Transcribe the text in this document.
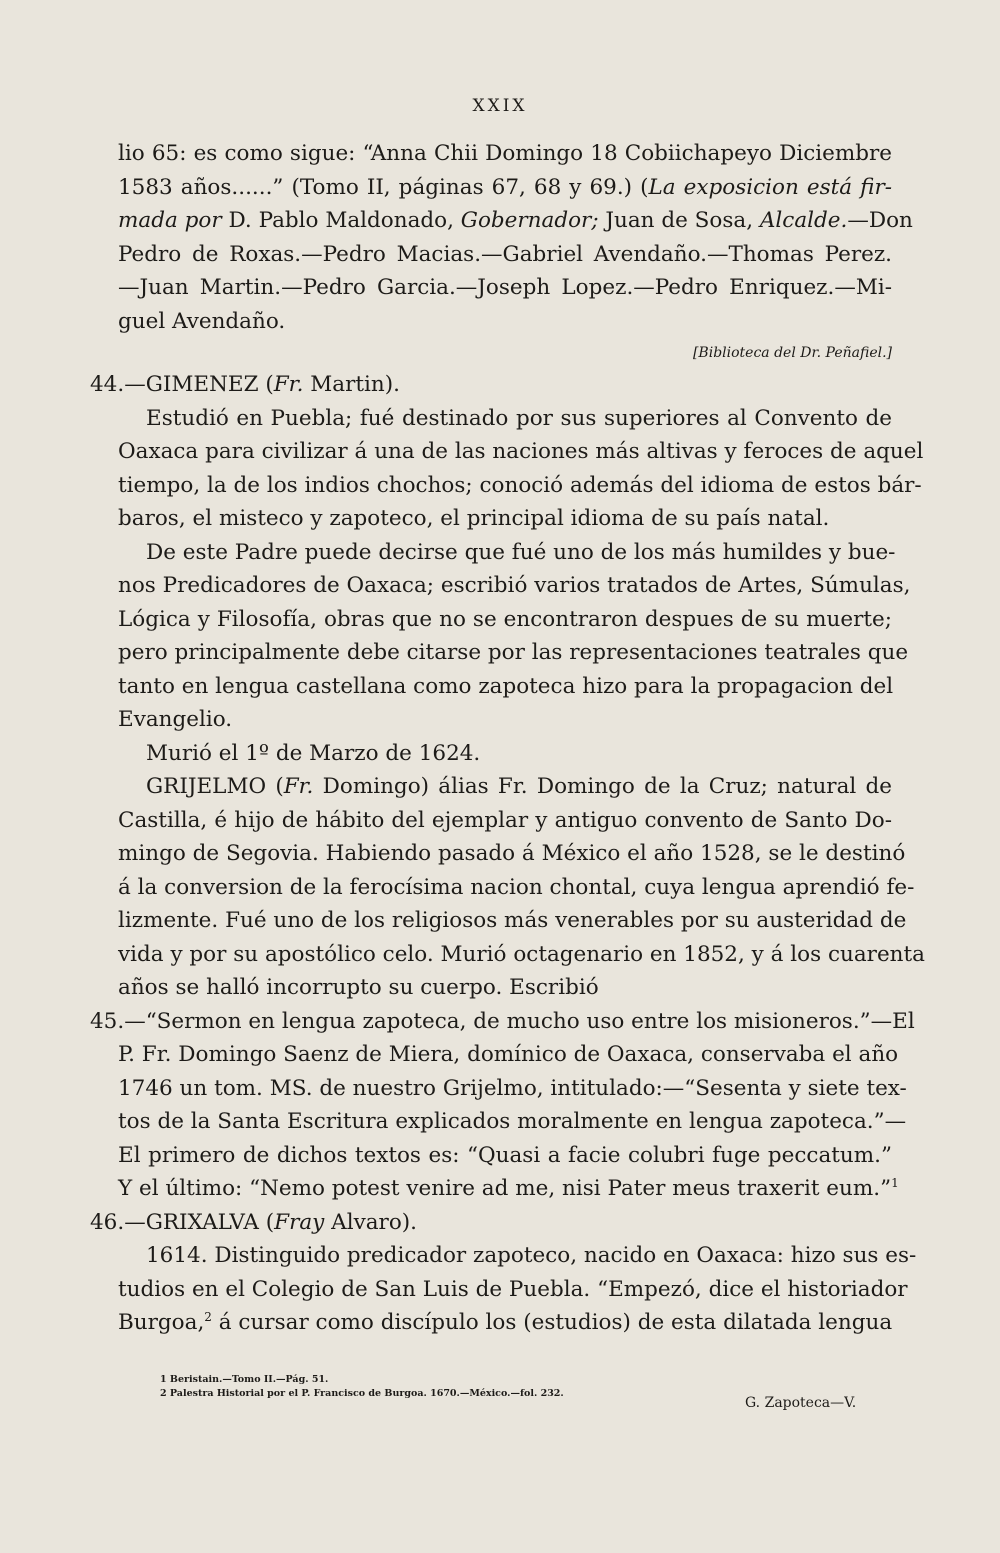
XXIX
lio 65: es como sigue: “Anna Chii Domingo 18 Cobiichapeyo Diciembre
1583 años......” (Tomo II, páginas 67, 68 y 69.) (La exposicion está fir-
mada por D. Pablo Maldonado, Gobernador; Juan de Sosa, Alcalde.—Don
Pedro de Roxas.—Pedro Macias.—Gabriel Avendaño.—Thomas Perez.
—Juan Martin.—Pedro Garcia.—Joseph Lopez.—Pedro Enriquez.—Mi-
guel Avendaño.
[Biblioteca del Dr. Peñafiel.]
44.—GIMENEZ (Fr. Martin).
Estudió en Puebla; fué destinado por sus superiores al Convento de
Oaxaca para civilizar á una de las naciones más altivas y feroces de aquel
tiempo, la de los indios chochos; conoció además del idioma de estos bár-
baros, el misteco y zapoteco, el principal idioma de su país natal.
De este Padre puede decirse que fué uno de los más humildes y bue-
nos Predicadores de Oaxaca; escribió varios tratados de Artes, Súmulas,
Lógica y Filosofía, obras que no se encontraron despues de su muerte;
pero principalmente debe citarse por las representaciones teatrales que
tanto en lengua castellana como zapoteca hizo para la propagacion del
Evangelio.
Murió el 1º de Marzo de 1624.
GRIJELMO (Fr. Domingo) álias Fr. Domingo de la Cruz; natural de
Castilla, é hijo de hábito del ejemplar y antiguo convento de Santo Do-
mingo de Segovia. Habiendo pasado á México el año 1528, se le destinó
á la conversion de la ferocísima nacion chontal, cuya lengua aprendió fe-
lizmente. Fué uno de los religiosos más venerables por su austeridad de
vida y por su apostólico celo. Murió octagenario en 1852, y á los cuarenta
años se halló incorrupto su cuerpo. Escribió
45.—“Sermon en lengua zapoteca, de mucho uso entre los misioneros.”—El
P. Fr. Domingo Saenz de Miera, domínico de Oaxaca, conservaba el año
1746 un tom. MS. de nuestro Grijelmo, intitulado:—“Sesenta y siete tex-
tos de la Santa Escritura explicados moralmente en lengua zapoteca.”—
El primero de dichos textos es: “Quasi a facie colubri fuge peccatum.”
Y el último: “Nemo potest venire ad me, nisi Pater meus traxerit eum.”$^1$
46.—GRIXALVA (Fray Alvaro).
1614. Distinguido predicador zapoteco, nacido en Oaxaca: hizo sus es-
tudios en el Colegio de San Luis de Puebla. “Empezó, dice el historiador
Burgoa,$^2$ á cursar como discípulo los (estudios) de esta dilatada lengua
1 Beristain.—Tomo II.—Pág. 51.
2 Palestra Historial por el P. Francisco de Burgoa. 1670.—México.—fol. 232.
G. Zapoteca—V.
